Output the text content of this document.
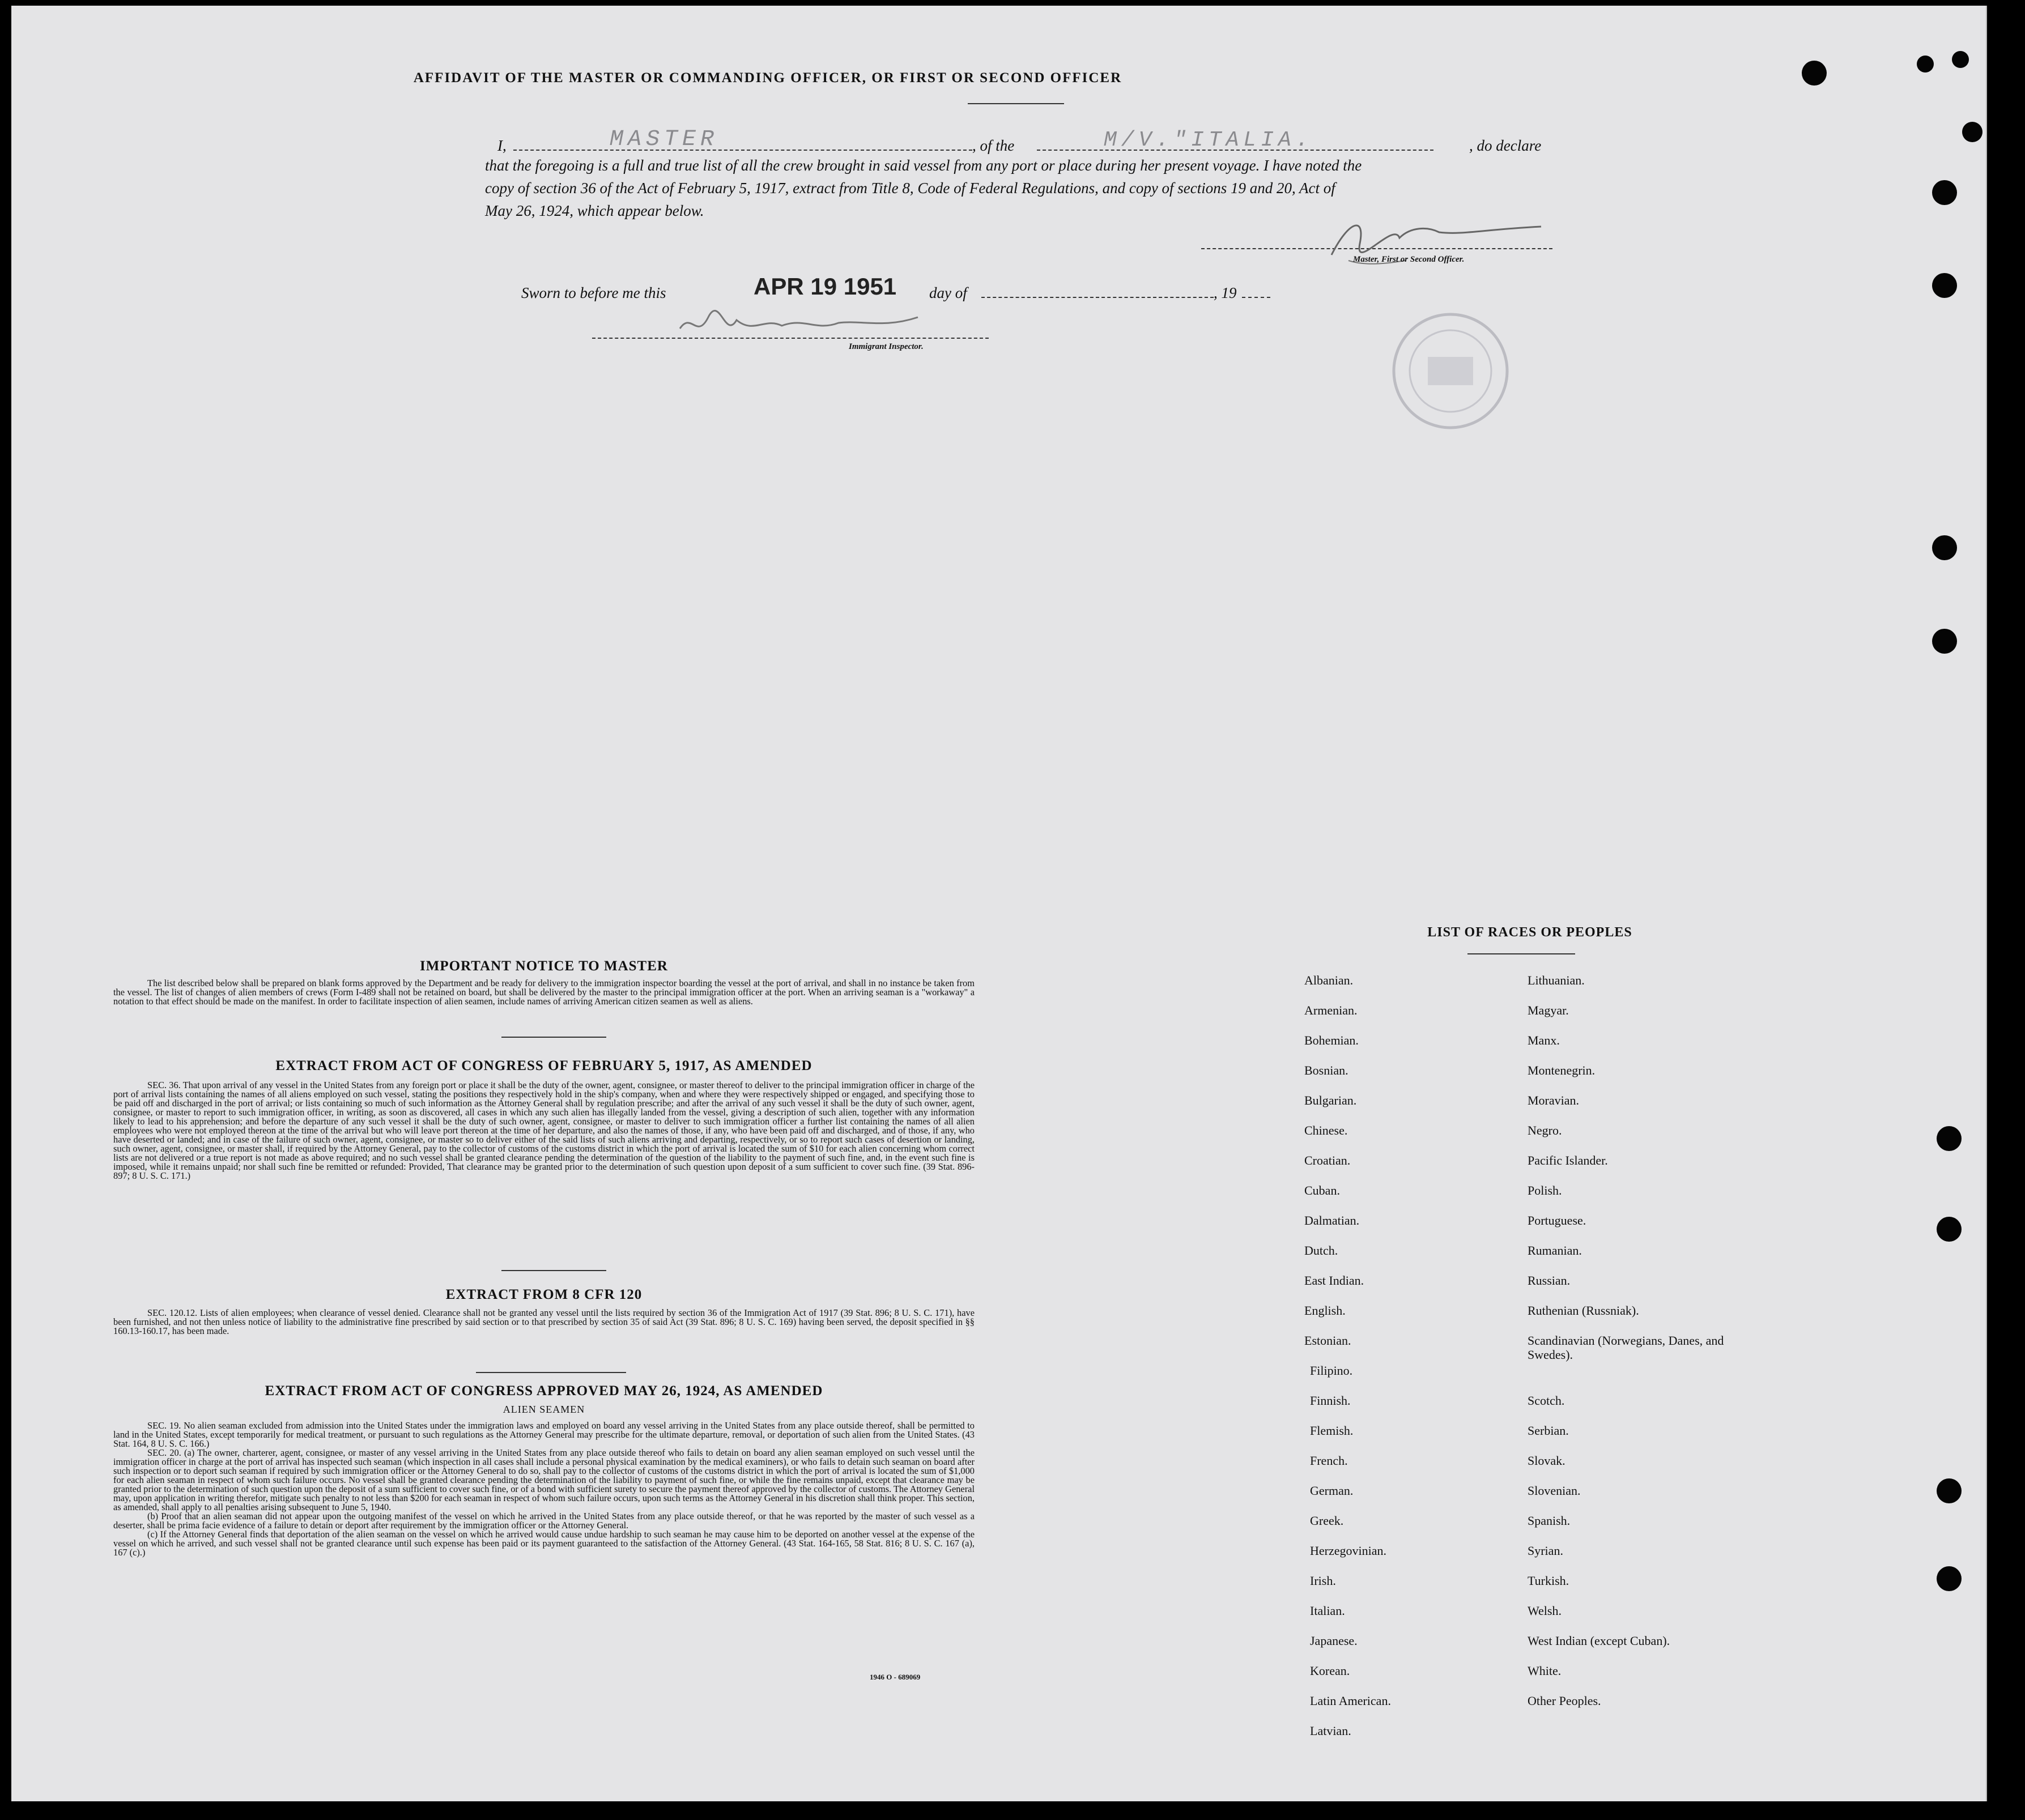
AFFIDAVIT OF THE MASTER OR COMMANDING OFFICER, OR FIRST OR SECOND OFFICER
I,	MASTER	, of the	M/V."ITALIA.	, do declare
that the foregoing is a full and true list of all the crew brought in said vessel from any port or place during her present voyage. I have noted the
copy of section 36 of the Act of February 5, 1917, extract from Title 8, Code of Federal Regulations, and copy of sections 19 and 20, Act of
May 26, 1924, which appear below.
Master, First or Second Officer.
Sworn to before me this	APR 19 1951 day of	, 19
Immigrant Inspector.
IMPORTANT NOTICE TO MASTER

The list described below shall be prepared on blank forms approved by the Department and be ready for delivery to the immigration inspector boarding the vessel at the port of arrival, and shall in no instance be taken from the vessel. The list of changes of alien members of crews (Form I-489 shall not be retained on board, but shall be delivered by the master to the principal immigration officer at the port. When an arriving seaman is a "workaway" a notation to that effect should be made on the manifest. In order to facilitate inspection of alien seamen, include names of arriving American citizen seamen as well as aliens.

EXTRACT FROM ACT OF CONGRESS OF FEBRUARY 5, 1917, AS AMENDED

SEC. 36. That upon arrival of any vessel in the United States from any foreign port or place it shall be the duty of the owner, agent, consignee, or master thereof to deliver to the principal immigration officer in charge of the port of arrival lists containing the names of all aliens employed on such vessel, stating the positions they respectively hold in the ship's company, when and where they were respectively shipped or engaged, and specifying those to be paid off and discharged in the port of arrival; or lists containing so much of such information as the Attorney General shall by regulation prescribe; and after the arrival of any such vessel it shall be the duty of such owner, agent, consignee, or master to report to such immigration officer, in writing, as soon as discovered, all cases in which any such alien has illegally landed from the vessel, giving a description of such alien, together with any information likely to lead to his apprehension; and before the departure of any such vessel it shall be the duty of such owner, agent, consignee, or master to deliver to such immigration officer a further list containing the names of all alien employees who were not employed thereon at the time of the arrival but who will leave port thereon at the time of her departure, and also the names of those, if any, who have been paid off and discharged, and of those, if any, who have deserted or landed; and in case of the failure of such owner, agent, consignee, or master so to deliver either of the said lists of such aliens arriving and departing, respectively, or so to report such cases of desertion or landing, such owner, agent, consignee, or master shall, if required by the Attorney General, pay to the collector of customs of the customs district in which the port of arrival is located the sum of $10 for each alien concerning whom correct lists are not delivered or a true report is not made as above required; and no such vessel shall be granted clearance pending the determination of the question of the liability to the payment of such fine, and, in the event such fine is imposed, while it remains unpaid; nor shall such fine be remitted or refunded: Provided, That clearance may be granted prior to the determination of such question upon deposit of a sum sufficient to cover such fine. (39 Stat. 896-897; 8 U. S. C. 171.)

EXTRACT FROM 8 CFR 120

SEC. 120.12. Lists of alien employees; when clearance of vessel denied. Clearance shall not be granted any vessel until the lists required by section 36 of the Immigration Act of 1917 (39 Stat. 896; 8 U. S. C. 171), have been furnished, and not then unless notice of liability to the administrative fine prescribed by said section or to that prescribed by section 35 of said Act (39 Stat. 896; 8 U. S. C. 169) having been served, the deposit specified in §§ 160.13-160.17, has been made.

EXTRACT FROM ACT OF CONGRESS APPROVED MAY 26, 1924, AS AMENDED
ALIEN SEAMEN

SEC. 19. No alien seaman excluded from admission into the United States under the immigration laws and employed on board any vessel arriving in the United States from any place outside thereof, shall be permitted to land in the United States, except temporarily for medical treatment, or pursuant to such regulations as the Attorney General may prescribe for the ultimate departure, removal, or deportation of such alien from the United States. (43 Stat. 164, 8 U. S. C. 166.)

SEC. 20. (a) The owner, charterer, agent, consignee, or master of any vessel arriving in the United States from any place outside thereof who fails to detain on board any alien seaman employed on such vessel until the immigration officer in charge at the port of arrival has inspected such seaman (which inspection in all cases shall include a personal physical examination by the medical examiners), or who fails to detain such seaman on board after such inspection or to deport such seaman if required by such immigration officer or the Attorney General to do so, shall pay to the collector of customs of the customs district in which the port of arrival is located the sum of $1,000 for each alien seaman in respect of whom such failure occurs. No vessel shall be granted clearance pending the determination of the liability to payment of such fine, or while the fine remains unpaid, except that clearance may be granted prior to the determination of such question upon the deposit of a sum sufficient to cover such fine, or of a bond with sufficient surety to secure the payment thereof approved by the collector of customs. The Attorney General may, upon application in writing therefor, mitigate such penalty to not less than $200 for each seaman in respect of whom such failure occurs, upon such terms as the Attorney General in his discretion shall think proper. This section, as amended, shall apply to all penalties arising subsequent to June 5, 1940.

(b) Proof that an alien seaman did not appear upon the outgoing manifest of the vessel on which he arrived in the United States from any place outside thereof, or that he was reported by the master of such vessel as a deserter, shall be prima facie evidence of a failure to detain or deport after requirement by the immigration officer or the Attorney General.

(c) If the Attorney General finds that deportation of the alien seaman on the vessel on which he arrived would cause undue hardship to such seaman he may cause him to be deported on another vessel at the expense of the vessel on which he arrived, and such vessel shall not be granted clearance until such expense has been paid or its payment guaranteed to the satisfaction of the Attorney General. (43 Stat. 164-165, 58 Stat. 816; 8 U. S. C. 167 (a), 167 (c).)

1946 O - 689069
LIST OF RACES OR PEOPLES
Albanian.
Armenian.
Bohemian.
Bosnian.
Bulgarian.
Chinese.
Croatian.
Cuban.
Dalmatian.
Dutch.
East Indian.
English.
Estonian.
Filipino.
Finnish.
Flemish.
French.
German.
Greek.
Herzegovinian.
Irish.
Italian.
Japanese.
Korean.
Latin American.
Latvian.
Lithuanian.
Magyar.
Manx.
Montenegrin.
Moravian.
Negro.
Pacific Islander.
Polish.
Portuguese.
Rumanian.
Russian.
Ruthenian (Russniak).
Scandinavian (Norwegians, Danes, and Swedes).
Scotch.
Serbian.
Slovak.
Slovenian.
Spanish.
Syrian.
Turkish.
Welsh.
West Indian (except Cuban).
White.
Other Peoples.
